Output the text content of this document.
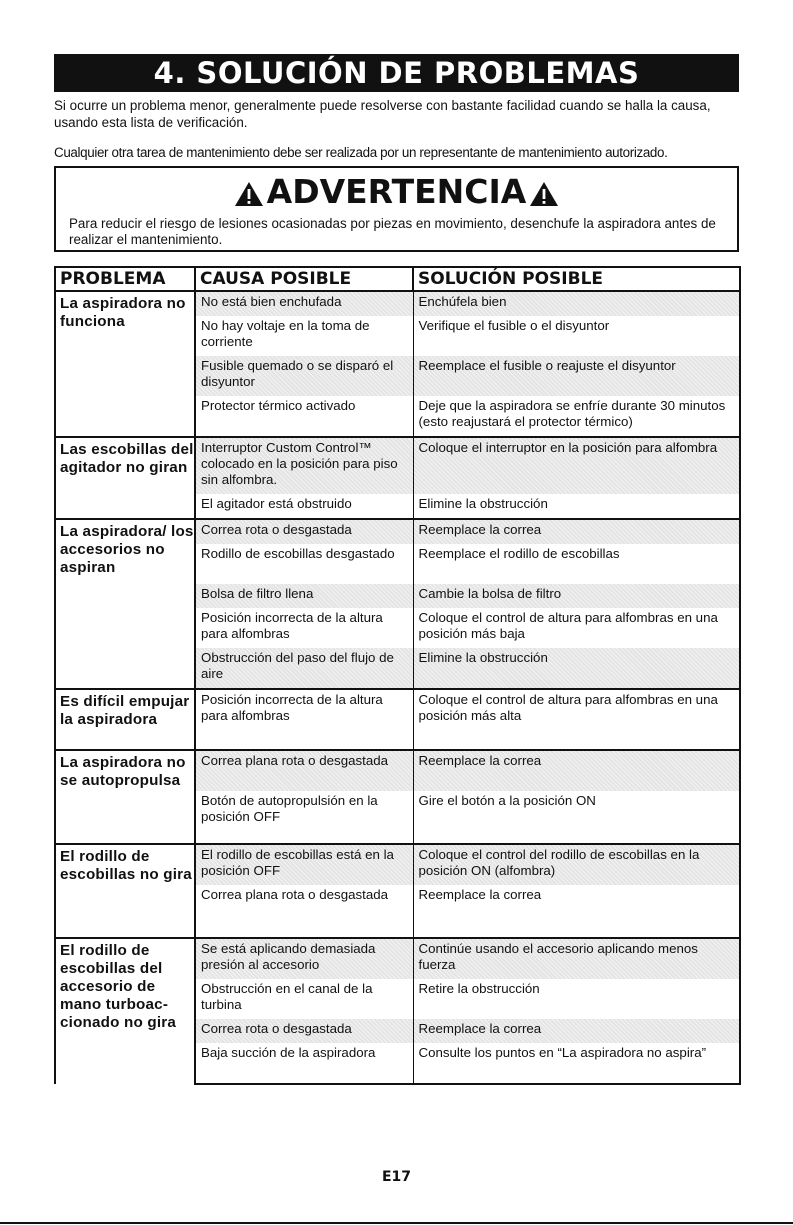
4. SOLUCIÓN DE PROBLEMAS
Si ocurre un problema menor, generalmente puede resolverse con bastante facilidad cuando se halla la causa, usando esta lista de verificación.
Cualquier otra tarea de mantenimiento debe ser realizada por un representante de mantenimiento autorizado.
ADVERTENCIA
Para reducir el riesgo de lesiones ocasionadas por piezas en movimiento, desenchufe la aspiradora antes de realizar el mantenimiento.
PROBLEMA	CAUSA POSIBLE	SOLUCIÓN POSIBLE
La aspiradora no funciona	No está bien enchufada	Enchúfela bien

	No hay voltaje en la toma de corriente	Verifique el fusible o el disyuntor

	Fusible quemado o se disparó el disyuntor	Reemplace el fusible o reajuste el disyuntor

	Protector térmico activado	Deje que la aspiradora se enfríe durante 30 minutos (esto reajustará el protector térmico)

Las escobillas del agitador no giran	Interruptor Custom Control™ colocado en la posición para piso sin alfombra.	Coloque el interruptor en la posición para alfombra

	El agitador está obstruido	Elimine la obstrucción

La aspiradora/ los accesorios no aspiran	Correa rota o desgastada	Reemplace la correa

	Rodillo de escobillas desgastado	Reemplace el rodillo de escobillas

	Bolsa de filtro llena	Cambie la bolsa de filtro

	Posición incorrecta de la altura para alfombras	Coloque el control de altura para alfombras en una posición más baja

	Obstrucción del paso del flujo de aire	Elimine la obstrucción

Es difícil empujar la aspiradora	Posición incorrecta de la altura para alfombras	Coloque el control de altura para alfombras en una posición más alta

La aspiradora no se autopropulsa	Correa plana rota o desgastada	Reemplace la correa

	Botón de autopropulsión en la posición OFF	Gire el botón a la posición ON

El rodillo de escobillas no gira	El rodillo de escobillas está en la posición OFF	Coloque el control del rodillo de escobillas en la posición ON (alfombra)

	Correa plana rota o desgastada	Reemplace la correa

El rodillo de escobillas del accesorio de mano turboac- cionado no gira	Se está aplicando demasiada presión al accesorio	Continúe usando el accesorio aplicando menos fuerza

	Obstrucción en el canal de la turbina	Retire la obstrucción

	Correa rota o desgastada	Reemplace la correa

	Baja succión de la aspiradora	Consulte los puntos en “La aspiradora no aspira”
E17
